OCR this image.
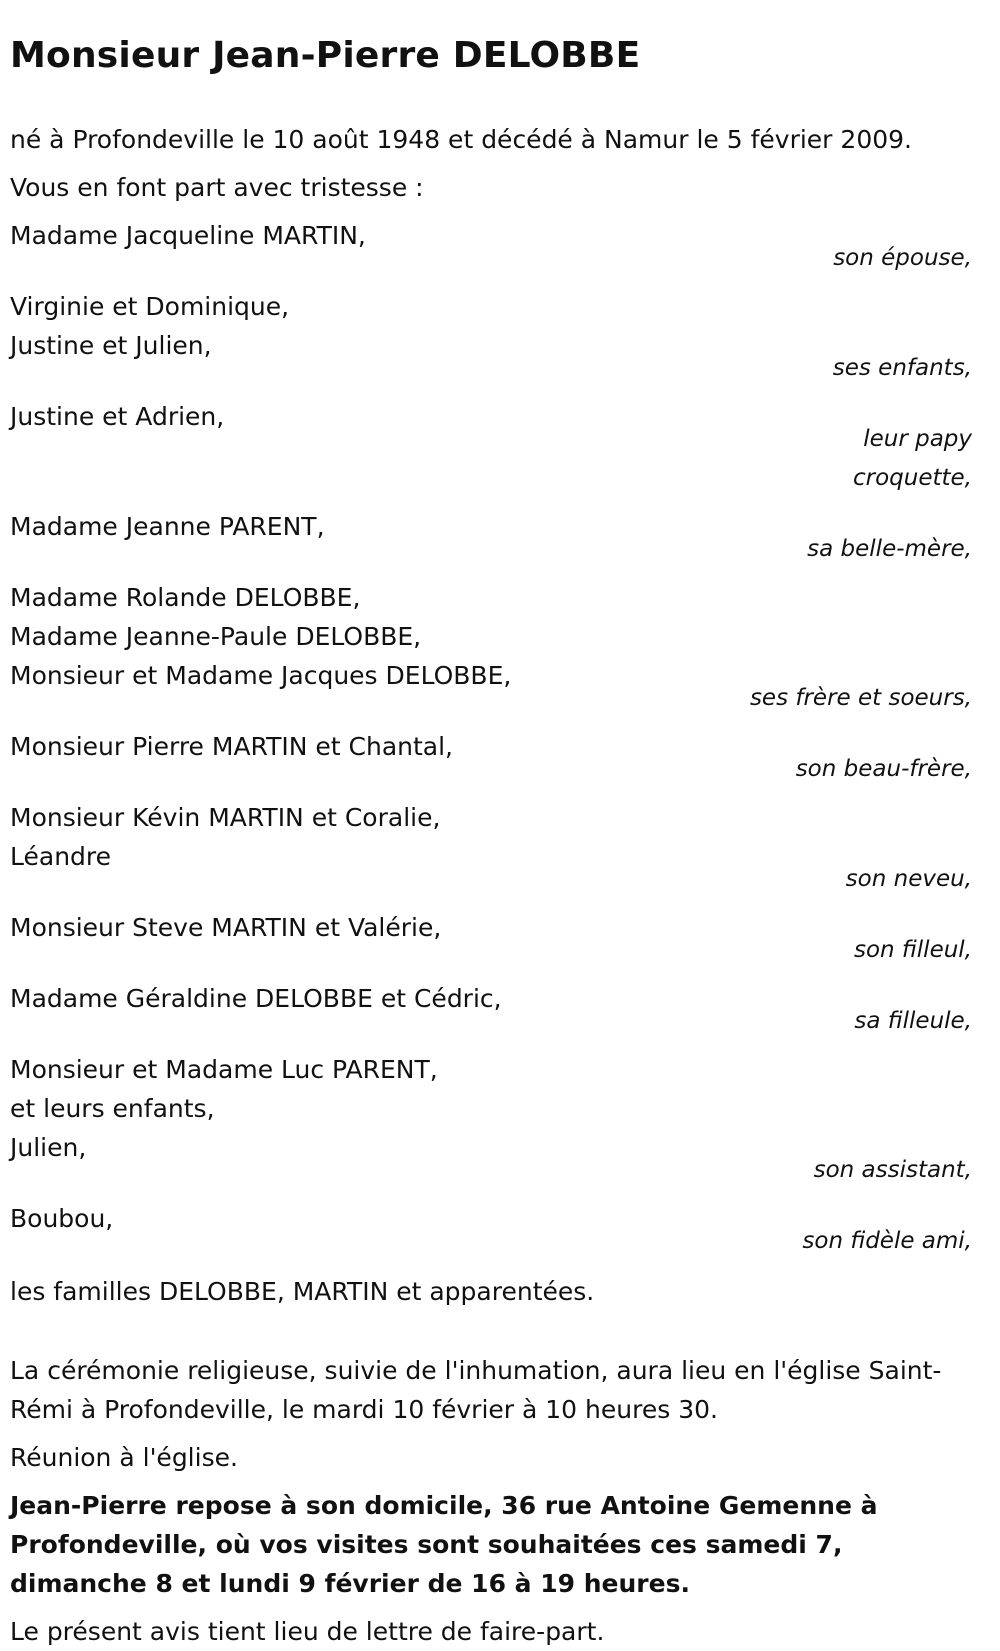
Monsieur Jean-Pierre DELOBBE

né à Profondeville le 10 août 1948 et décédé à Namur le 5 février 2009.

Vous en font part avec tristesse :

Madame Jacqueline MARTIN,
son épouse,
Virginie et Dominique,
Justine et Julien,
ses enfants,
Justine et Adrien,
leur papy
croquette,
Madame Jeanne PARENT,
sa belle-mère,
Madame Rolande DELOBBE,
Madame Jeanne-Paule DELOBBE,
Monsieur et Madame Jacques DELOBBE,
ses frère et soeurs,
Monsieur Pierre MARTIN et Chantal,
son beau-frère,
Monsieur Kévin MARTIN et Coralie,
Léandre
son neveu,
Monsieur Steve MARTIN et Valérie,
son filleul,
Madame Géraldine DELOBBE et Cédric,
sa filleule,
Monsieur et Madame Luc PARENT,
et leurs enfants,
Julien,
son assistant,
Boubou,
son fidèle ami,

les familles DELOBBE, MARTIN et apparentées.

La cérémonie religieuse, suivie de l'inhumation, aura lieu en l'église Saint-Rémi à Profondeville, le mardi 10 février à 10 heures 30.

Réunion à l'église.

Jean-Pierre repose à son domicile, 36 rue Antoine Gemenne à Profondeville, où vos visites sont souhaitées ces samedi 7, dimanche 8 et lundi 9 février de 16 à 19 heures.

Le présent avis tient lieu de lettre de faire-part.
